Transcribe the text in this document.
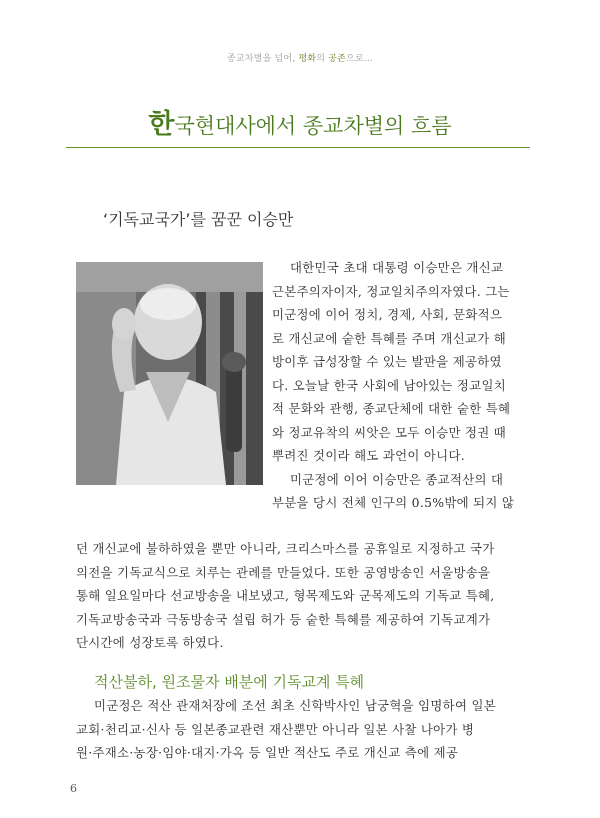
종교차별을 넘어, 평화의 공존으로...
한국현대사에서 종교차별의 흐름
‘기독교국가’를 꿈꾼 이승만
대한민국 초대 대통령 이승만은 개신교
근본주의자이자, 정교일치주의자였다. 그는
미군정에 이어 정치, 경제, 사회, 문화적으
로 개신교에 숱한 특혜를 주며 개신교가 해
방이후 급성장할 수 있는 발판을 제공하였
다. 오늘날 한국 사회에 남아있는 정교일치
적 문화와 관행, 종교단체에 대한 숱한 특혜
와 정교유착의 씨앗은 모두 이승만 정권 때
뿌려진 것이라 해도 과언이 아니다.
미군정에 이어 이승만은 종교적산의 대
부분을 당시 전체 인구의 0.5%밖에 되지 않
던 개신교에 불하하였을 뿐만 아니라, 크리스마스를 공휴일로 지정하고 국가
의전을 기독교식으로 치루는 관례를 만들었다. 또한 공영방송인 서울방송을
통해 일요일마다 선교방송을 내보냈고, 형목제도와 군목제도의 기독교 특혜,
기독교방송국과 극동방송국 설립 허가 등 숱한 특혜를 제공하여 기독교계가
단시간에 성장토록 하였다.
적산불하, 원조물자 배분에 기독교계 특혜
미군정은 적산 관재처장에 조선 최초 신학박사인 남궁혁을 임명하여 일본
교회·천리교·신사 등 일본종교관련 재산뿐만 아니라 일본 사찰 나아가 병
원·주재소·농장·임야·대지·가옥 등 일반 적산도 주로 개신교 측에 제공
6
